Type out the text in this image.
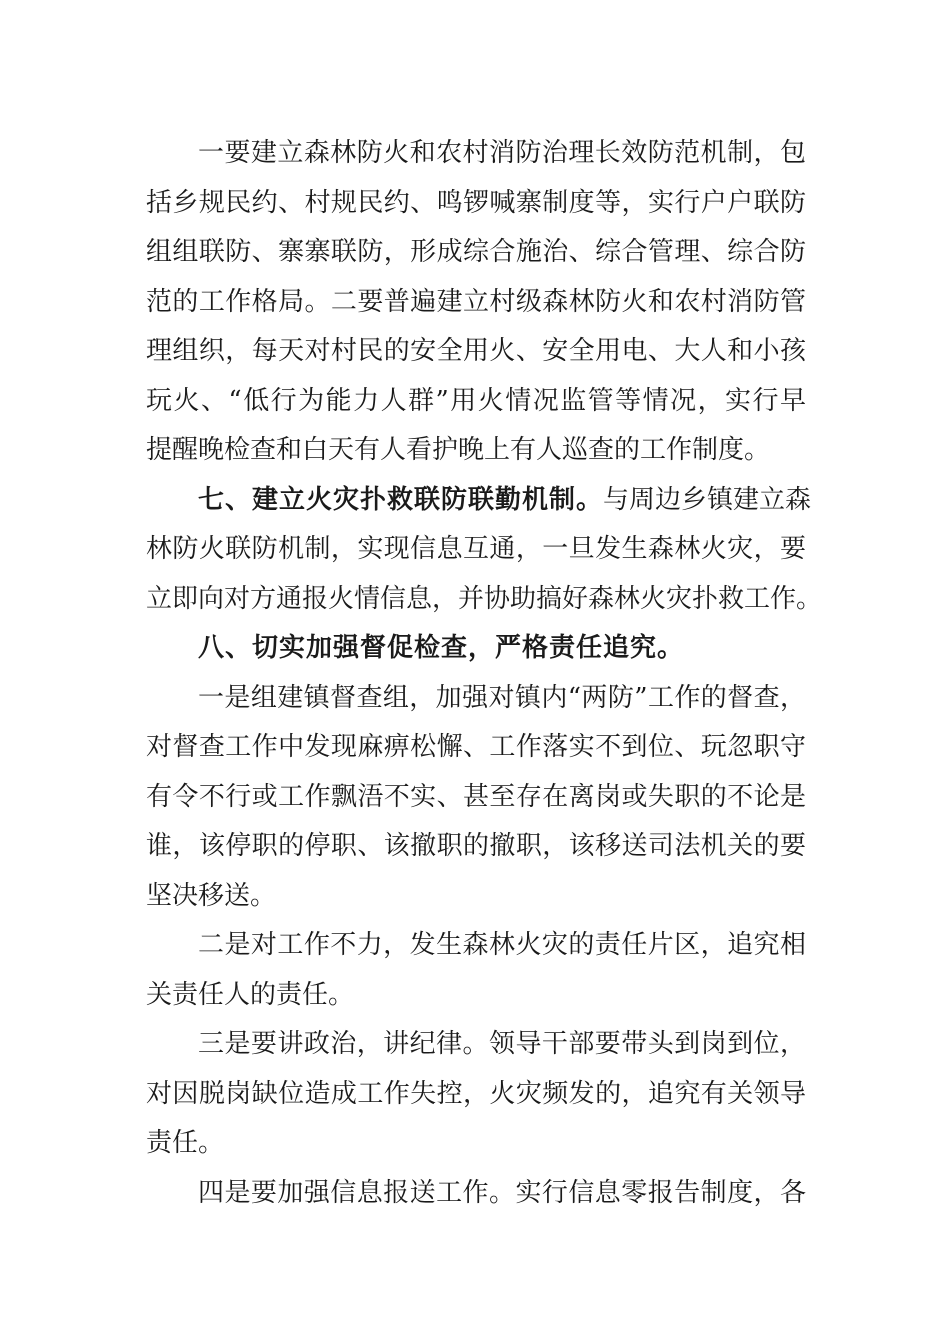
一要建立森林防火和农村消防治理长效防范机制，包

括乡规民约、村规民约、鸣锣喊寨制度等，实行户户联防

组组联防、寨寨联防，形成综合施治、综合管理、综合防

范的工作格局。二要普遍建立村级森林防火和农村消防管

理组织，每天对村民的安全用火、安全用电、大人和小孩

玩火、“低行为能力人群”用火情况监管等情况，实行早

提醒晚检查和白天有人看护晚上有人巡查的工作制度。

七、建立火灾扑救联防联勤机制。与周边乡镇建立森

林防火联防机制，实现信息互通，一旦发生森林火灾，要

立即向对方通报火情信息，并协助搞好森林火灾扑救工作。

八、切实加强督促检查，严格责任追究。

一是组建镇督查组，加强对镇内“两防”工作的督查，

对督查工作中发现麻痹松懈、工作落实不到位、玩忽职守

有令不行或工作飘浯不实、甚至存在离岗或失职的不论是

谁，该停职的停职、该撤职的撤职，该移送司法机关的要

坚决移送。

二是对工作不力，发生森林火灾的责任片区，追究相

关责任人的责任。

三是要讲政治，讲纪律。领导干部要带头到岗到位，

对因脱岗缺位造成工作失控，火灾频发的，追究有关领导

责任。

四是要加强信息报送工作。实行信息零报告制度，各
